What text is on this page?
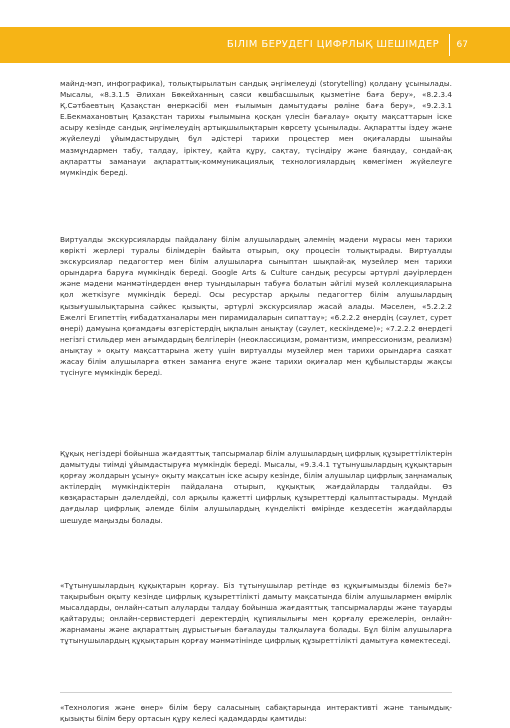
БІЛІМ БЕРУДЕГІ ЦИФРЛЫҚ ШЕШІМДЕР 67

майнд-мэп, инфографика), толықтырылатын сандық әңгімелеуді (storytelling) қолдану ұсынылады. Мысалы, «8.3.1.5 Әлихан Бөкейханның саяси көшбасшылық қызметіне баға беру», «8.2.3.4 Қ.Сәтбаевтың Қазақстан өнеркәсібі мен ғылымын дамытудағы рөліне баға беру», «9.2.3.1 Е.Бекмахановтың Қазақстан тарихы ғылымына қосқан үлесін бағалау» оқыту мақсаттарын іске асыру кезінде сандық әңгімелеудің артықшылықтарын көрсету ұсынылады. Ақпаратты іздеу және жүйелеуді ұйымдастырудың бұл әдістері тарихи процестер мен оқиғаларды шынайы мазмұндармен табу, талдау, іріктеу, қайта құру, сақтау, түсіндіру және баяндау, сондай-ақ ақпаратты заманауи ақпараттық-коммуникациялық технологиялардың көмегімен жүйелеуге мүмкіндік береді.

Виртуалды экскурсияларды пайдалану білім алушылардың әлемнің мәдени мұрасы мен тарихи көрікті жерлері туралы білімдерін байыта отырып, оқу процесін толықтырады. Виртуалды экскурсиялар педагогтер мен білім алушыларға сыныптан шықпай-ақ музейлер мен тарихи орындарға баруға мүмкіндік береді. Google Arts & Culture сандық ресурсы әртүрлі дәуірлерден және мәдени мәнмәтіндерден өнер туындыларын табуға болатын әйгілі музей коллекцияларына қол жеткізуге мүмкіндік береді. Осы ресурстар арқылы педагогтер білім алушылардың қызығушылықтарына сәйкес қызықты, әртүрлі экскурсиялар жасай алады. Мәселен, «5.2.2.2 Ежелгі Египеттің ғибадатханалары мен пирамидаларын сипаттау»; «6.2.2.2 өнердің (сәулет, сурет өнері) дамуына қоғамдағы өзгерістердің ықпалын анықтау (сәулет, кескіндеме)»; «7.2.2.2 өнердегі негізгі стильдер мен ағымдардың белгілерін (неоклассицизм, романтизм, импрессионизм, реализм) анықтау » оқыту мақсаттарына жету үшін виртуалды музейлер мен тарихи орындарға саяхат жасау білім алушыларға өткен заманға енуге және тарихи оқиғалар мен құбылыстарды жақсы түсінуге мүмкіндік береді.

Құқық негіздері бойынша жағдаяттық тапсырмалар білім алушылардың цифрлық құзыреттіліктерін дамытуды тиімді ұйымдастыруға мүмкіндік береді. Мысалы, «9.3.4.1 тұтынушылардың құқықтарын қорғау жолдарын ұсыну» оқыту мақсатын іске асыру кезінде, білім алушылар цифрлық заңнамалық актілердің мүмкіндіктерін пайдалана отырып, құқықтық жағдайларды талдайды. Өз көзқарастарын дәлелдейді, сол арқылы қажетті цифрлық құзыреттерді қалыптастырады. Мұндай дағдылар цифрлық әлемде білім алушылардың күнделікті өмірінде кездесетін жағдайларды шешуде маңызды болады.

«Тұтынушылардың құқықтарын қорғау. Біз тұтынушылар ретінде өз құқығымызды білеміз бе?» тақырыбын оқыту кезінде цифрлық құзыреттілікті дамыту мақсатында білім алушылармен өмірлік мысалдарды, онлайн-сатып алуларды талдау бойынша жағдаяттық тапсырмаларды және тауарды қайтаруды; онлайн-сервистердегі деректердің құпиялылығы мен қорғалу ережелерін, онлайн-жарнаманы және ақпараттың дұрыстығын бағалауды талқылауға болады. Бұл білім алушыларға тұтынушылардың құқықтарын қорғау мәнмәтінінде цифрлық құзыреттілікті дамытуға көмектеседі.

«Технология және өнер» білім беру саласының сабақтарында интерактивті және танымдық-қызықты білім беру ортасын құру келесі қадамдарды қамтиды:
